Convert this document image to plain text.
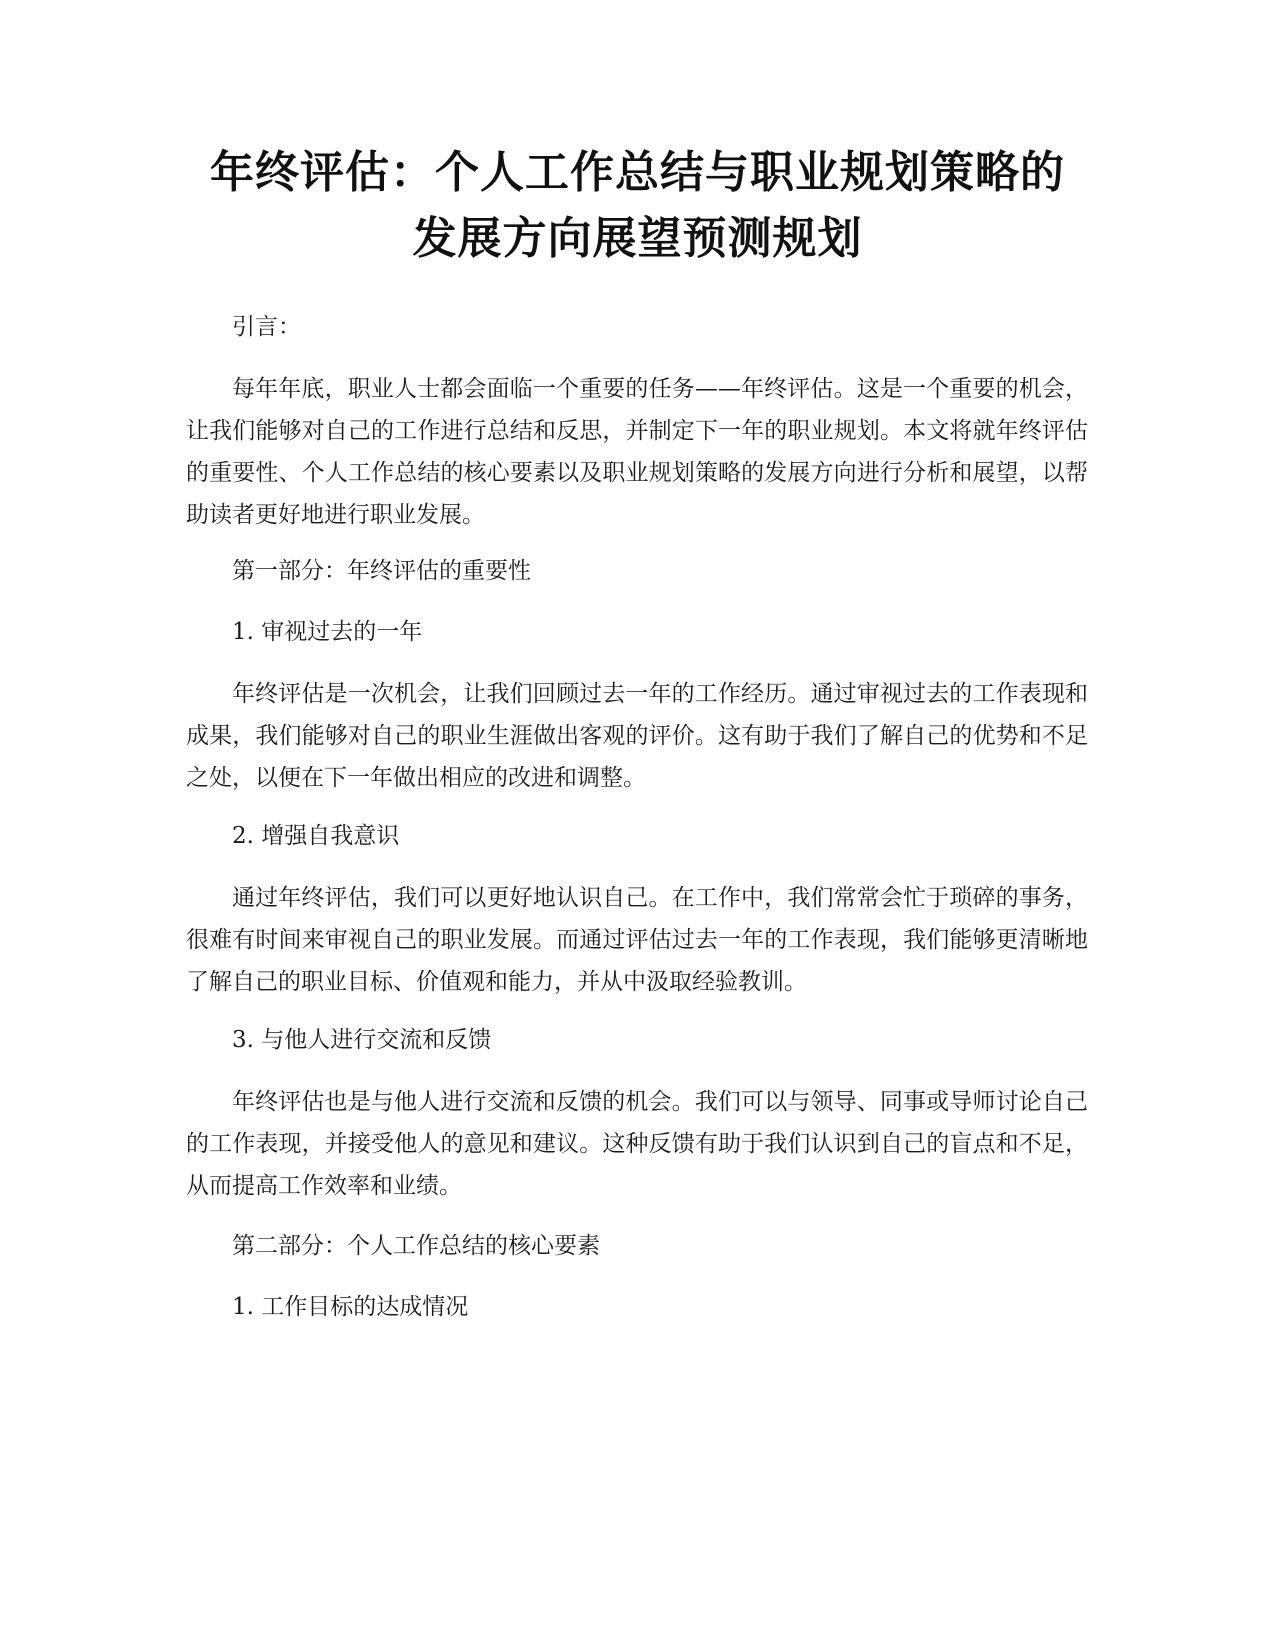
年终评估：个人工作总结与职业规划策略的
发展方向展望预测规划

引言：

每年年底，职业人士都会面临一个重要的任务——年终评估。这是一个重要的机会，让我们能够对自己的工作进行总结和反思，并制定下一年的职业规划。本文将就年终评估的重要性、个人工作总结的核心要素以及职业规划策略的发展方向进行分析和展望，以帮助读者更好地进行职业发展。

第一部分：年终评估的重要性

1. 审视过去的一年

年终评估是一次机会，让我们回顾过去一年的工作经历。通过审视过去的工作表现和成果，我们能够对自己的职业生涯做出客观的评价。这有助于我们了解自己的优势和不足之处，以便在下一年做出相应的改进和调整。

2. 增强自我意识

通过年终评估，我们可以更好地认识自己。在工作中，我们常常会忙于琐碎的事务，很难有时间来审视自己的职业发展。而通过评估过去一年的工作表现，我们能够更清晰地了解自己的职业目标、价值观和能力，并从中汲取经验教训。

3. 与他人进行交流和反馈

年终评估也是与他人进行交流和反馈的机会。我们可以与领导、同事或导师讨论自己的工作表现，并接受他人的意见和建议。这种反馈有助于我们认识到自己的盲点和不足，从而提高工作效率和业绩。

第二部分：个人工作总结的核心要素

1. 工作目标的达成情况
